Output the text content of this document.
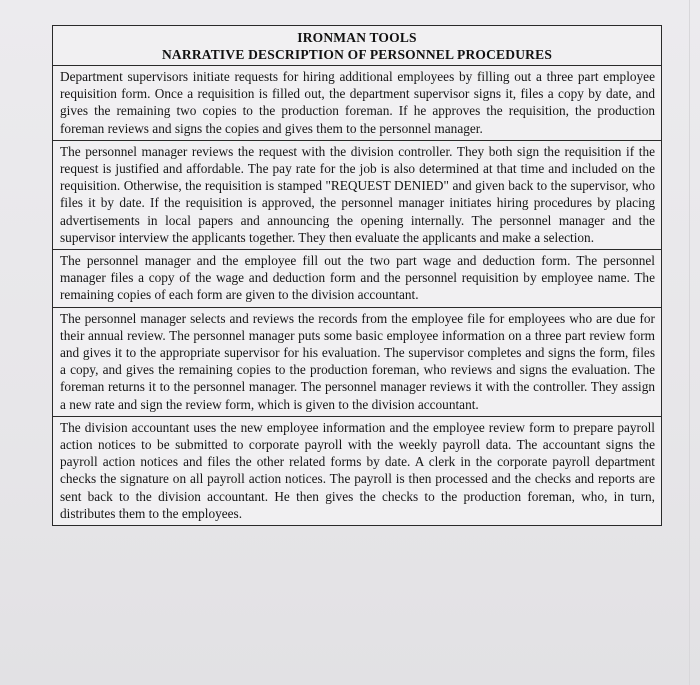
IRONMAN TOOLS
NARRATIVE DESCRIPTION OF PERSONNEL PROCEDURES
Department supervisors initiate requests for hiring additional employees by filling out a three part employee requisition form. Once a requisition is filled out, the department supervisor signs it, files a copy by date, and gives the remaining two copies to the production foreman. If he approves the requisition, the production foreman reviews and signs the copies and gives them to the personnel manager.
The personnel manager reviews the request with the division controller. They both sign the requisition if the request is justified and affordable. The pay rate for the job is also determined at that time and included on the requisition. Otherwise, the requisition is stamped "REQUEST DENIED" and given back to the supervisor, who files it by date. If the requisition is approved, the personnel manager initiates hiring procedures by placing advertisements in local papers and announcing the opening internally. The personnel manager and the supervisor interview the applicants together. They then evaluate the applicants and make a selection.
The personnel manager and the employee fill out the two part wage and deduction form. The personnel manager files a copy of the wage and deduction form and the personnel requisition by employee name. The remaining copies of each form are given to the division accountant.
The personnel manager selects and reviews the records from the employee file for employees who are due for their annual review. The personnel manager puts some basic employee information on a three part review form and gives it to the appropriate supervisor for his evaluation. The supervisor completes and signs the form, files a copy, and gives the remaining copies to the production foreman, who reviews and signs the evaluation. The foreman returns it to the personnel manager. The personnel manager reviews it with the controller. They assign a new rate and sign the review form, which is given to the division accountant.
The division accountant uses the new employee information and the employee review form to prepare payroll action notices to be submitted to corporate payroll with the weekly payroll data. The accountant signs the payroll action notices and files the other related forms by date. A clerk in the corporate payroll department checks the signature on all payroll action notices. The payroll is then processed and the checks and reports are sent back to the division accountant. He then gives the checks to the production foreman, who, in turn, distributes them to the employees.
